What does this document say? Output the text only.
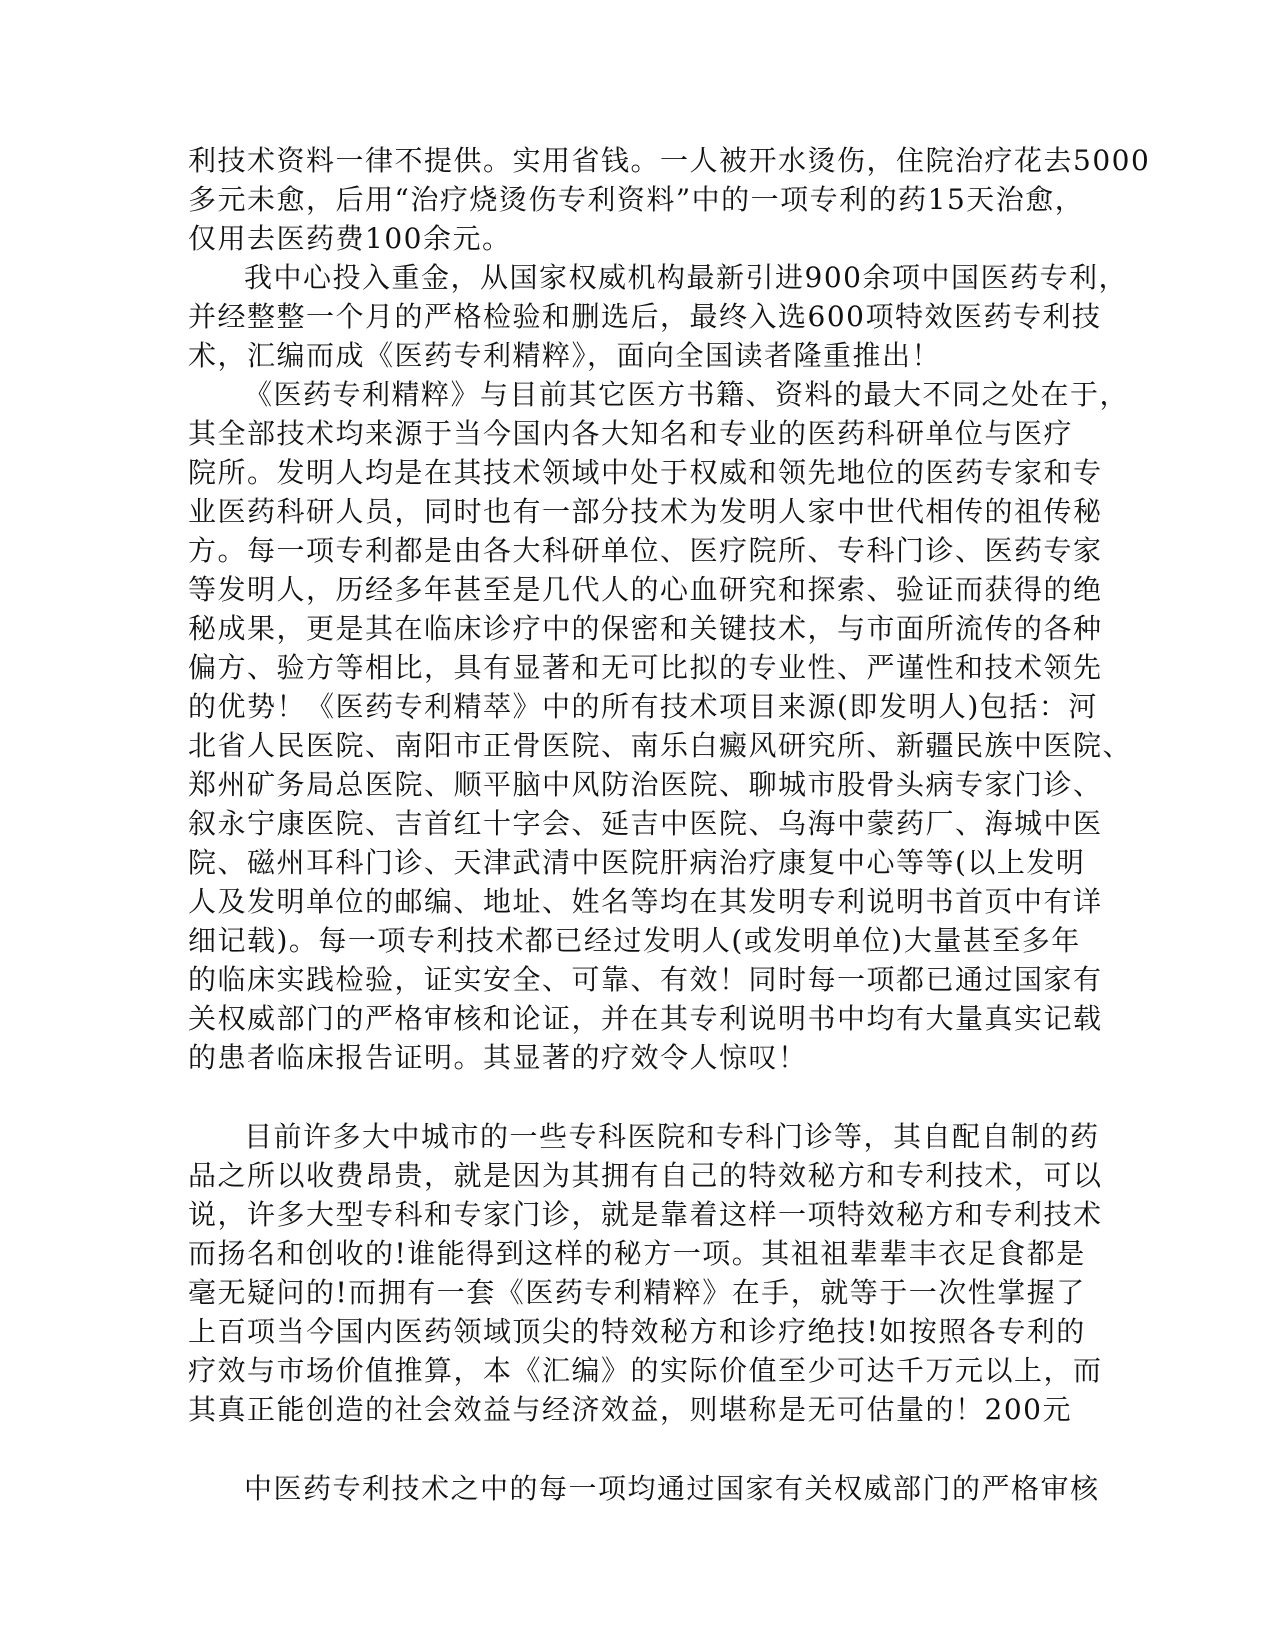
利技术资料一律不提供。实用省钱。一人被开水烫伤，住院治疗花去5000
多元未愈，后用“治疗烧烫伤专利资料”中的一项专利的药15天治愈，
仅用去医药费100余元。
我中心投入重金，从国家权威机构最新引进900余项中国医药专利，
并经整整一个月的严格检验和删选后，最终入选600项特效医药专利技
术，汇编而成《医药专利精粹》，面向全国读者隆重推出！
《医药专利精粹》与目前其它医方书籍、资料的最大不同之处在于，
其全部技术均来源于当今国内各大知名和专业的医药科研单位与医疗
院所。发明人均是在其技术领域中处于权威和领先地位的医药专家和专
业医药科研人员，同时也有一部分技术为发明人家中世代相传的祖传秘
方。每一项专利都是由各大科研单位、医疗院所、专科门诊、医药专家
等发明人，历经多年甚至是几代人的心血研究和探索、验证而获得的绝
秘成果，更是其在临床诊疗中的保密和关键技术，与市面所流传的各种
偏方、验方等相比，具有显著和无可比拟的专业性、严谨性和技术领先
的优势！《医药专利精萃》中的所有技术项目来源(即发明人)包括：河
北省人民医院、南阳市正骨医院、南乐白癜风研究所、新疆民族中医院、
郑州矿务局总医院、顺平脑中风防治医院、聊城市股骨头病专家门诊、
叙永宁康医院、吉首红十字会、延吉中医院、乌海中蒙药厂、海城中医
院、磁州耳科门诊、天津武清中医院肝病治疗康复中心等等(以上发明
人及发明单位的邮编、地址、姓名等均在其发明专利说明书首页中有详
细记载)。每一项专利技术都已经过发明人(或发明单位)大量甚至多年
的临床实践检验，证实安全、可靠、有效！同时每一项都已通过国家有
关权威部门的严格审核和论证，并在其专利说明书中均有大量真实记载
的患者临床报告证明。其显著的疗效令人惊叹！
目前许多大中城市的一些专科医院和专科门诊等，其自配自制的药
品之所以收费昂贵，就是因为其拥有自己的特效秘方和专利技术，可以
说，许多大型专科和专家门诊，就是靠着这样一项特效秘方和专利技术
而扬名和创收的!谁能得到这样的秘方一项。其祖祖辈辈丰衣足食都是
毫无疑问的!而拥有一套《医药专利精粹》在手，就等于一次性掌握了
上百项当今国内医药领域顶尖的特效秘方和诊疗绝技!如按照各专利的
疗效与市场价值推算，本《汇编》的实际价值至少可达千万元以上，而
其真正能创造的社会效益与经济效益，则堪称是无可估量的！200元
中医药专利技术之中的每一项均通过国家有关权威部门的严格审核
